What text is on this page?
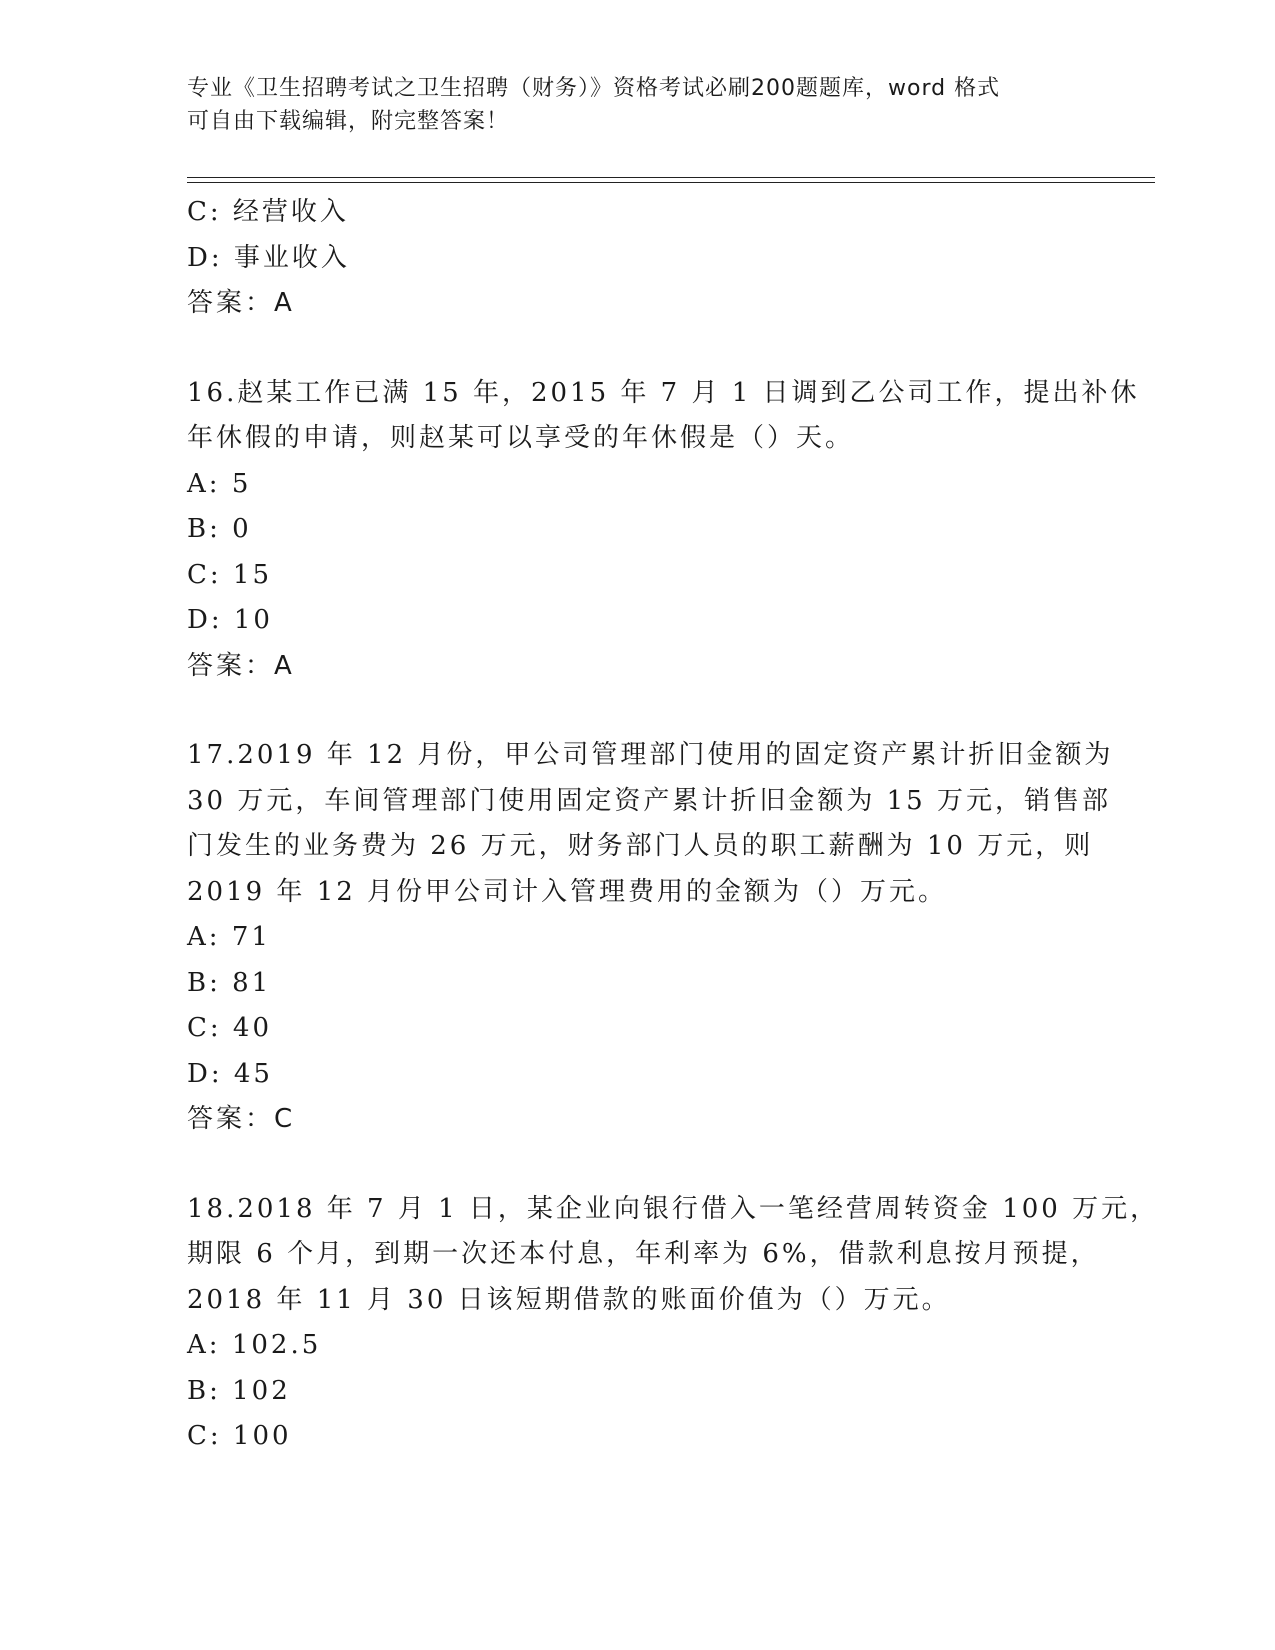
专业《卫生招聘考试之卫生招聘（财务）》资格考试必刷200题题库，word 格式
可自由下载编辑，附完整答案！
C: 经营收入
D: 事业收入
答案：A
16.赵某工作已满 15 年，2015 年 7 月 1 日调到乙公司工作，提出补休
年休假的申请，则赵某可以享受的年休假是（）天。
A: 5
B: 0
C: 15
D: 10
答案：A
17.2019 年 12 月份，甲公司管理部门使用的固定资产累计折旧金额为
30 万元，车间管理部门使用固定资产累计折旧金额为 15 万元，销售部
门发生的业务费为 26 万元，财务部门人员的职工薪酬为 10 万元，则
2019 年 12 月份甲公司计入管理费用的金额为（）万元。
A: 71
B: 81
C: 40
D: 45
答案：C
18.2018 年 7 月 1 日，某企业向银行借入一笔经营周转资金 100 万元，
期限 6 个月，到期一次还本付息，年利率为 6%，借款利息按月预提，
2018 年 11 月 30 日该短期借款的账面价值为（）万元。
A: 102.5
B: 102
C: 100
